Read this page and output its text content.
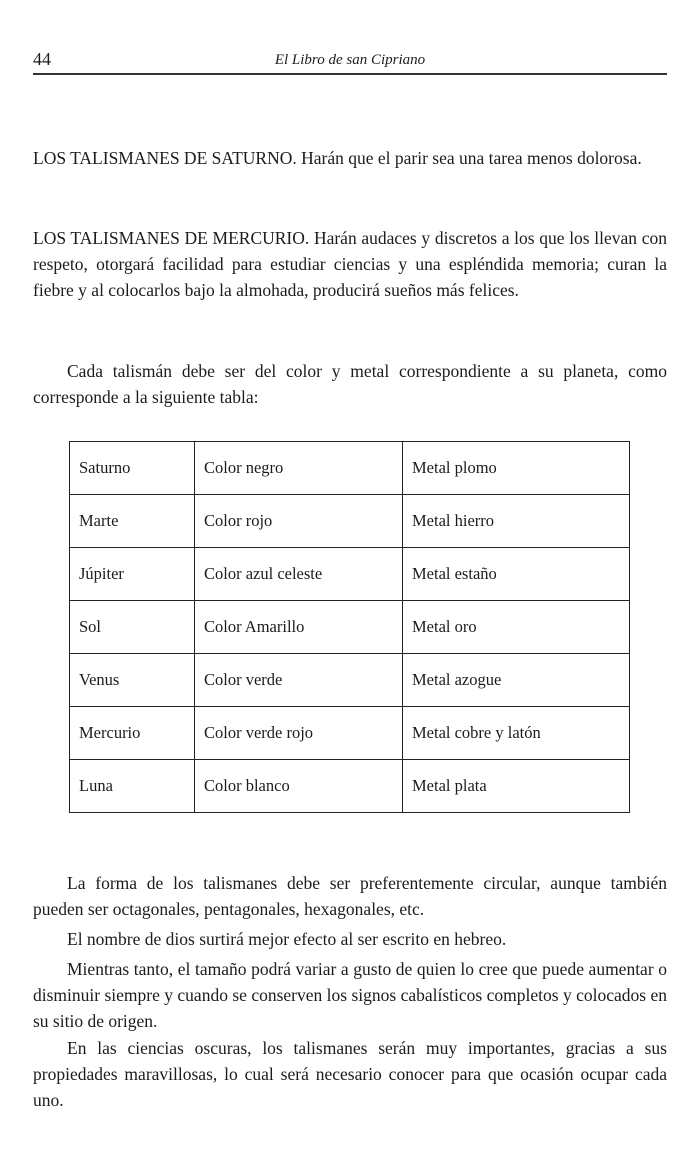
44	El Libro de san Cipriano

LOS TALISMANES DE SATURNO. Harán que el parir sea una tarea menos dolorosa.

LOS TALISMANES DE MERCURIO. Harán audaces y discretos a los que los llevan con respeto, otorgará facilidad para estudiar ciencias y una espléndida memoria; curan la fiebre y al colocarlos bajo la almohada, producirá sueños más felices.

Cada talismán debe ser del color y metal correspondiente a su planeta, como corresponde a la siguiente tabla:

Saturno	Color negro	Metal plomo
Marte	Color rojo	Metal hierro
Júpiter	Color azul celeste	Metal estaño
Sol	Color Amarillo	Metal oro
Venus	Color verde	Metal azogue
Mercurio	Color verde rojo	Metal cobre y latón
Luna	Color blanco	Metal plata

La forma de los talismanes debe ser preferentemente circular, aunque también pueden ser octagonales, pentagonales, hexagonales, etc.

El nombre de dios surtirá mejor efecto al ser escrito en hebreo.

Mientras tanto, el tamaño podrá variar a gusto de quien lo cree que puede aumentar o disminuir siempre y cuando se conserven los signos cabalísticos completos y colocados en su sitio de origen.

En las ciencias oscuras, los talismanes serán muy importantes, gracias a sus propiedades maravillosas, lo cual será necesario conocer para que ocasión ocupar cada uno.
